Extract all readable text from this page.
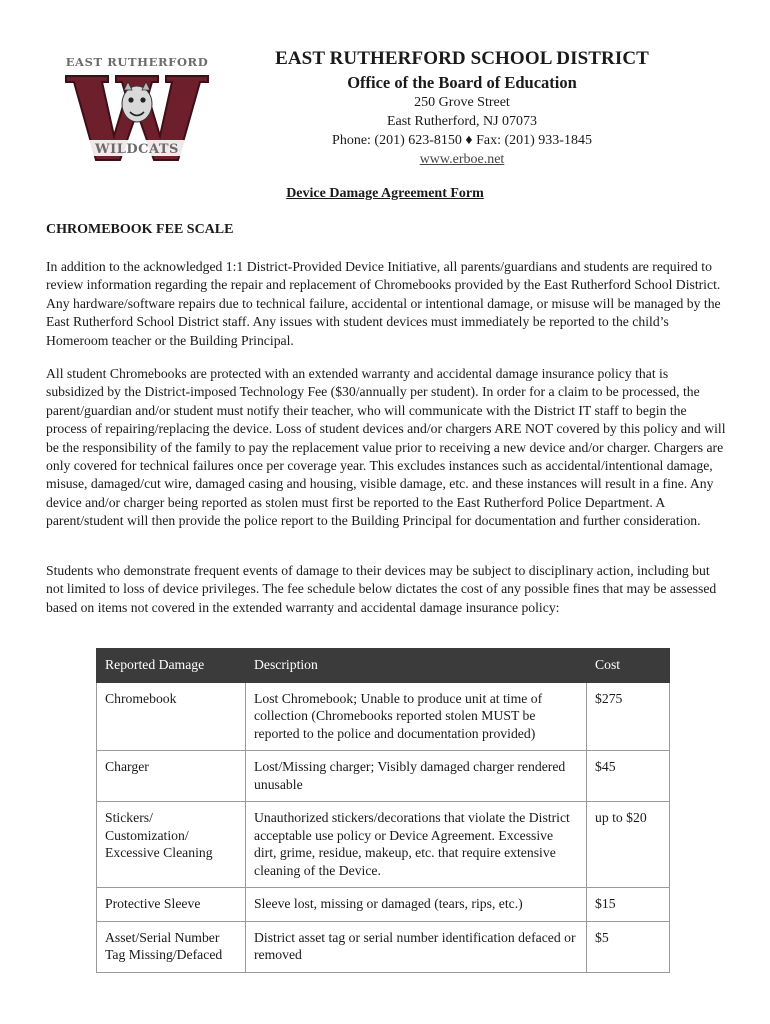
EAST RUTHERFORD
WILDCATS
EAST RUTHERFORD SCHOOL DISTRICT
Office of the Board of Education
250 Grove Street
East Rutherford, NJ 07073
Phone: (201) 623-8150 ♦ Fax: (201) 933-1845
www.erboe.net
Device Damage Agreement Form
CHROMEBOOK FEE SCALE

In addition to the acknowledged 1:1 District-Provided Device Initiative, all parents/guardians and students are required to review information regarding the repair and replacement of Chromebooks provided by the East Rutherford School District. Any hardware/software repairs due to technical failure, accidental or intentional damage, or misuse will be managed by the East Rutherford School District staff. Any issues with student devices must immediately be reported to the child’s Homeroom teacher or the Building Principal.

All student Chromebooks are protected with an extended warranty and accidental damage insurance policy that is subsidized by the District-imposed Technology Fee ($30/annually per student). In order for a claim to be processed, the parent/guardian and/or student must notify their teacher, who will communicate with the District IT staff to begin the process of repairing/replacing the device. Loss of student devices and/or chargers ARE NOT covered by this policy and will be the responsibility of the family to pay the replacement value prior to receiving a new device and/or charger. Chargers are only covered for technical failures once per coverage year. This excludes instances such as accidental/intentional damage, misuse, damaged/cut wire, damaged casing and housing, visible damage, etc. and these instances will result in a fine. Any device and/or charger being reported as stolen must first be reported to the East Rutherford Police Department. A parent/student will then provide the police report to the Building Principal for documentation and further consideration.

Students who demonstrate frequent events of damage to their devices may be subject to disciplinary action, including but not limited to loss of device privileges. The fee schedule below dictates the cost of any possible fines that may be assessed based on items not covered in the extended warranty and accidental damage insurance policy:

Reported Damage	Description	Cost
Chromebook	Lost Chromebook; Unable to produce unit at time of collection (Chromebooks reported stolen MUST be reported to the police and documentation provided)	$275
Charger	Lost/Missing charger; Visibly damaged charger rendered unusable	$45
Stickers/
Customization/
Excessive Cleaning	Unauthorized stickers/decorations that violate the District acceptable use policy or Device Agreement. Excessive dirt, grime, residue, makeup, etc. that require extensive cleaning of the Device.	up to $20
Protective Sleeve	Sleeve lost, missing or damaged (tears, rips, etc.)	$15
Asset/Serial Number Tag Missing/Defaced	District asset tag or serial number identification defaced or removed	$5
